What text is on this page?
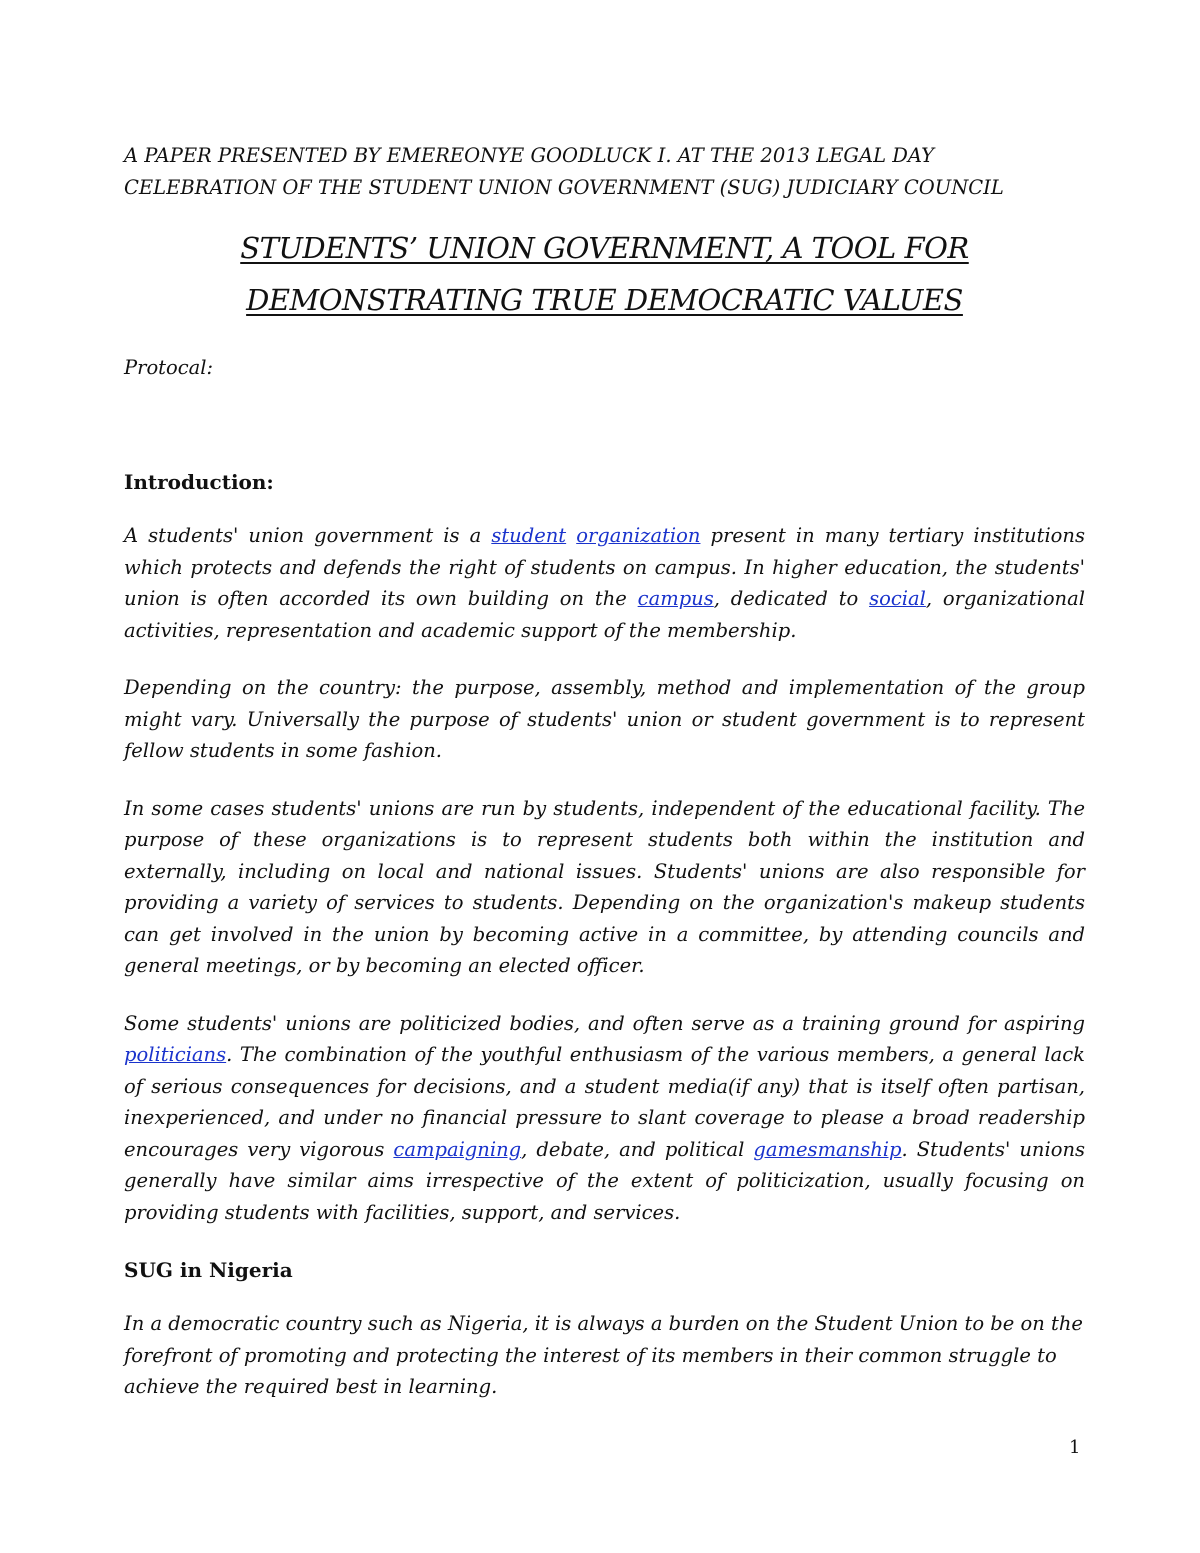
A PAPER PRESENTED BY EMEREONYE GOODLUCK I. AT THE 2013 LEGAL DAY CELEBRATION OF THE STUDENT UNION GOVERNMENT (SUG) JUDICIARY COUNCIL

STUDENTS’ UNION GOVERNMENT, A TOOL FOR
DEMONSTRATING TRUE DEMOCRATIC VALUES

Protocal:

Introduction:

A students' union government is a student organization present in many tertiary institutions which protects and defends the right of students on campus. In higher education, the students' union is often accorded its own building on the campus, dedicated to social, organizational activities, representation and academic support of the membership.

Depending on the country: the purpose, assembly, method and implementation of the group might vary. Universally the purpose of students' union or student government is to represent fellow students in some fashion.

In some cases students' unions are run by students, independent of the educational facility. The purpose of these organizations is to represent students both within the institution and externally, including on local and national issues. Students' unions are also responsible for providing a variety of services to students. Depending on the organization's makeup students can get involved in the union by becoming active in a committee, by attending councils and general meetings, or by becoming an elected officer.

Some students' unions are politicized bodies, and often serve as a training ground for aspiring politicians. The combination of the youthful enthusiasm of the various members, a general lack of serious consequences for decisions, and a student media(if any) that is itself often partisan, inexperienced, and under no financial pressure to slant coverage to please a broad readership encourages very vigorous campaigning, debate, and political gamesmanship. Students' unions generally have similar aims irrespective of the extent of politicization, usually focusing on providing students with facilities, support, and services.

SUG in Nigeria

In a democratic country such as Nigeria, it is always a burden on the Student Union to be on the forefront of promoting and protecting the interest of its members in their common struggle to achieve the required best in learning.

1
